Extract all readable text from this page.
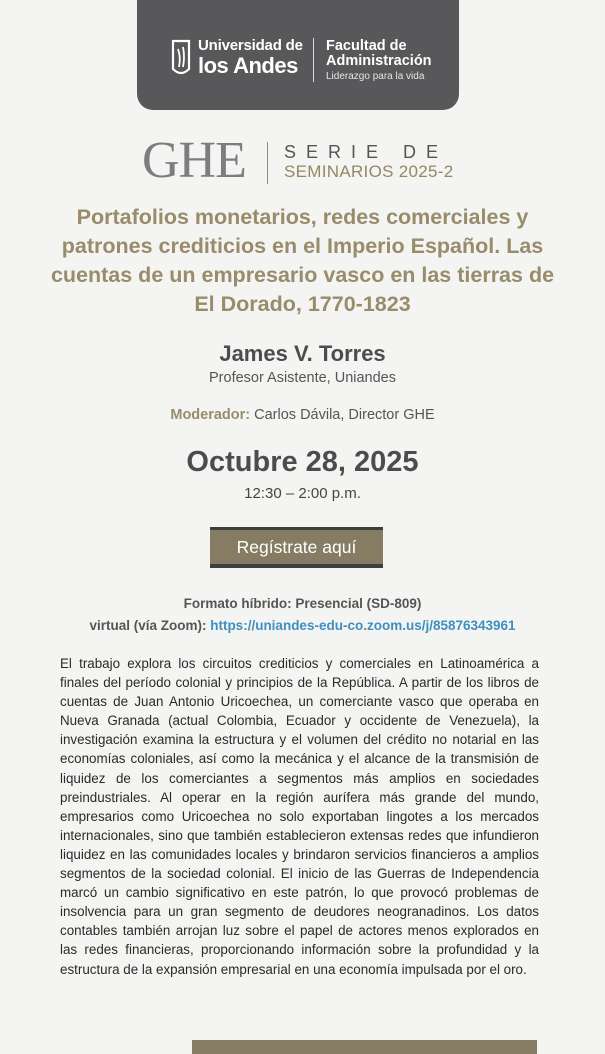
Universidad de
los Andes
Facultad de
Administración
Liderazgo para la vida
GHE SERIE DE
SEMINARIOS 2025-2
Portafolios monetarios, redes comerciales y patrones crediticios en el Imperio Español. Las cuentas de un empresario vasco en las tierras de El Dorado, 1770-1823
James V. Torres
Profesor Asistente, Uniandes
Moderador: Carlos Dávila, Director GHE
Octubre 28, 2025
12:30 – 2:00 p.m.
Regístrate aquí
Formato híbrido: Presencial (SD-809)
virtual (vía Zoom): https://uniandes-edu-co.zoom.us/j/85876343961

El trabajo explora los circuitos crediticios y comerciales en Latinoamérica a finales del período colonial y principios de la República. A partir de los libros de cuentas de Juan Antonio Uricoechea, un comerciante vasco que operaba en Nueva Granada (actual Colombia, Ecuador y occidente de Venezuela), la investigación examina la estructura y el volumen del crédito no notarial en las economías coloniales, así como la mecánica y el alcance de la transmisión de liquidez de los comerciantes a segmentos más amplios en sociedades preindustriales. Al operar en la región aurífera más grande del mundo, empresarios como Uricoechea no solo exportaban lingotes a los mercados internacionales, sino que también establecieron extensas redes que infundieron liquidez en las comunidades locales y brindaron servicios financieros a amplios segmentos de la sociedad colonial. El inicio de las Guerras de Independencia marcó un cambio significativo en este patrón, lo que provocó problemas de insolvencia para un gran segmento de deudores neogranadinos. Los datos contables también arrojan luz sobre el papel de actores menos explorados en las redes financieras, proporcionando información sobre la profundidad y la estructura de la expansión empresarial en una economía impulsada por el oro.
